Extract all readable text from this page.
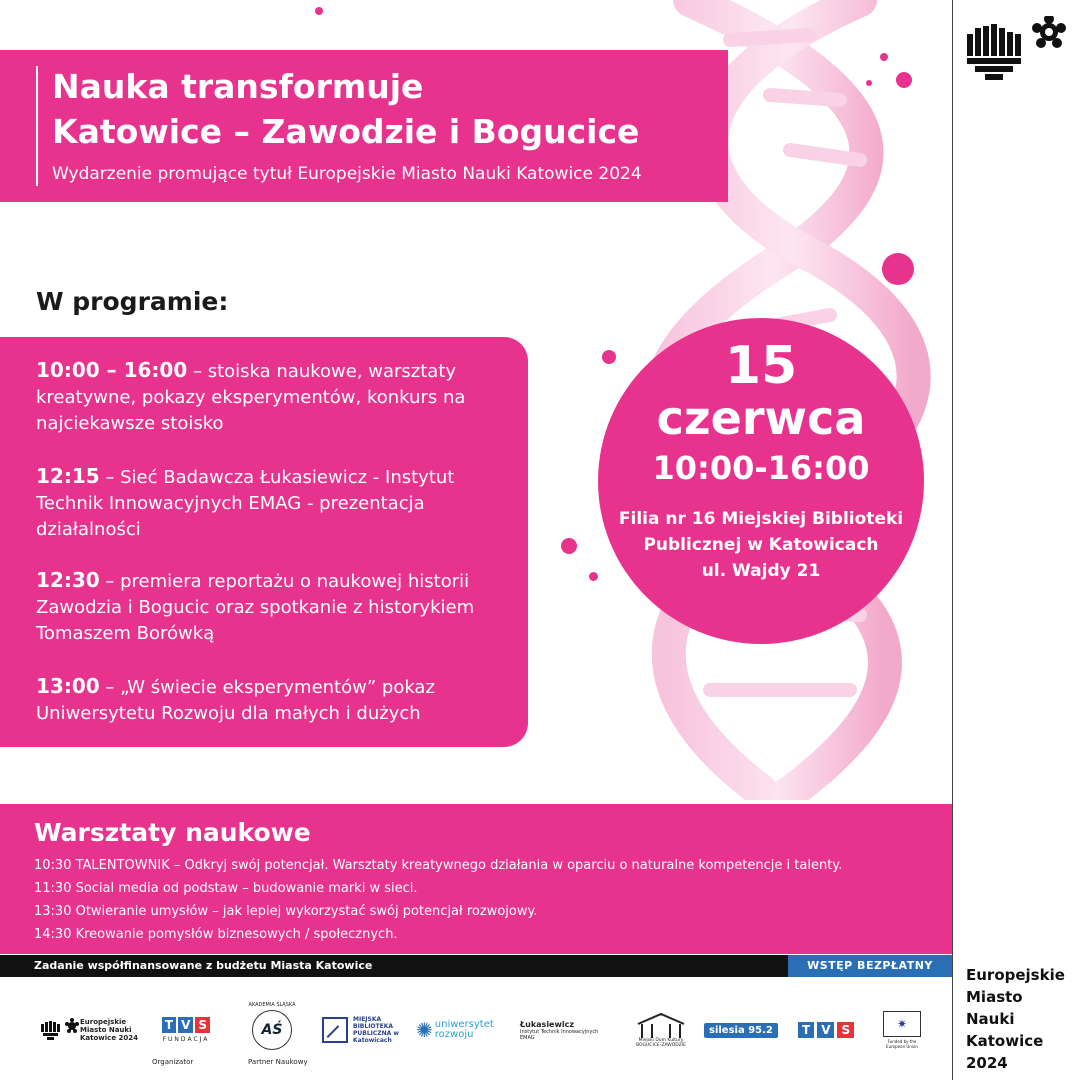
Nauka transformuje
Katowice – Zawodzie i Bogucice
Wydarzenie promujące tytuł Europejskie Miasto Nauki Katowice 2024
W programie:
10:00 – 16:00 – stoiska naukowe, warsztaty kreatywne, pokazy eksperymentów, konkurs na najciekawsze stoisko
12:15 – Sieć Badawcza Łukasiewicz - Instytut Technik Innowacyjnych EMAG - prezentacja działalności
12:30 – premiera reportażu o naukowej historii Zawodzia i Bogucic oraz spotkanie z historykiem Tomaszem Borówką
13:00 – „W świecie eksperymentów” pokaz Uniwersytetu Rozwoju dla małych i dużych
15
czerwca
10:00-16:00
Filia nr 16 Miejskiej Biblioteki
Publicznej w Katowicach
ul. Wajdy 21
Warsztaty naukowe
10:30 TALENTOWNIK – Odkryj swój potencjał. Warsztaty kreatywnego działania w oparciu o naturalne kompetencje i talenty.
11:30 Social media od podstaw – budowanie marki w sieci.
13:30 Otwieranie umysłów – jak lepiej wykorzystać swój potencjał rozwojowy.
14:30 Kreowanie pomysłów biznesowych / społecznych.
Zadanie współfinansowane z budżetu Miasta Katowice	WSTĘP BEZPŁATNY
Europejskie
Miasto
Nauki
Katowice
2024
Europejskie Miasto Nauki Katowice 2024
T V S
FUNDACJA
AŚ
AKADEMIA ŚLĄSKA
MIEJSKA BIBLIOTEKA PUBLICZNA w Katowicach	✺ uniwersytet rozwoju
Łukasiewicz
Instytut Technik Innowacyjnych EMAG	Miejski Dom Kultury BOGUCICE-ZAWODZIE
silesia 95.2	T V S	✷
Funded by the European Union
Organizator	Partner Naukowy
